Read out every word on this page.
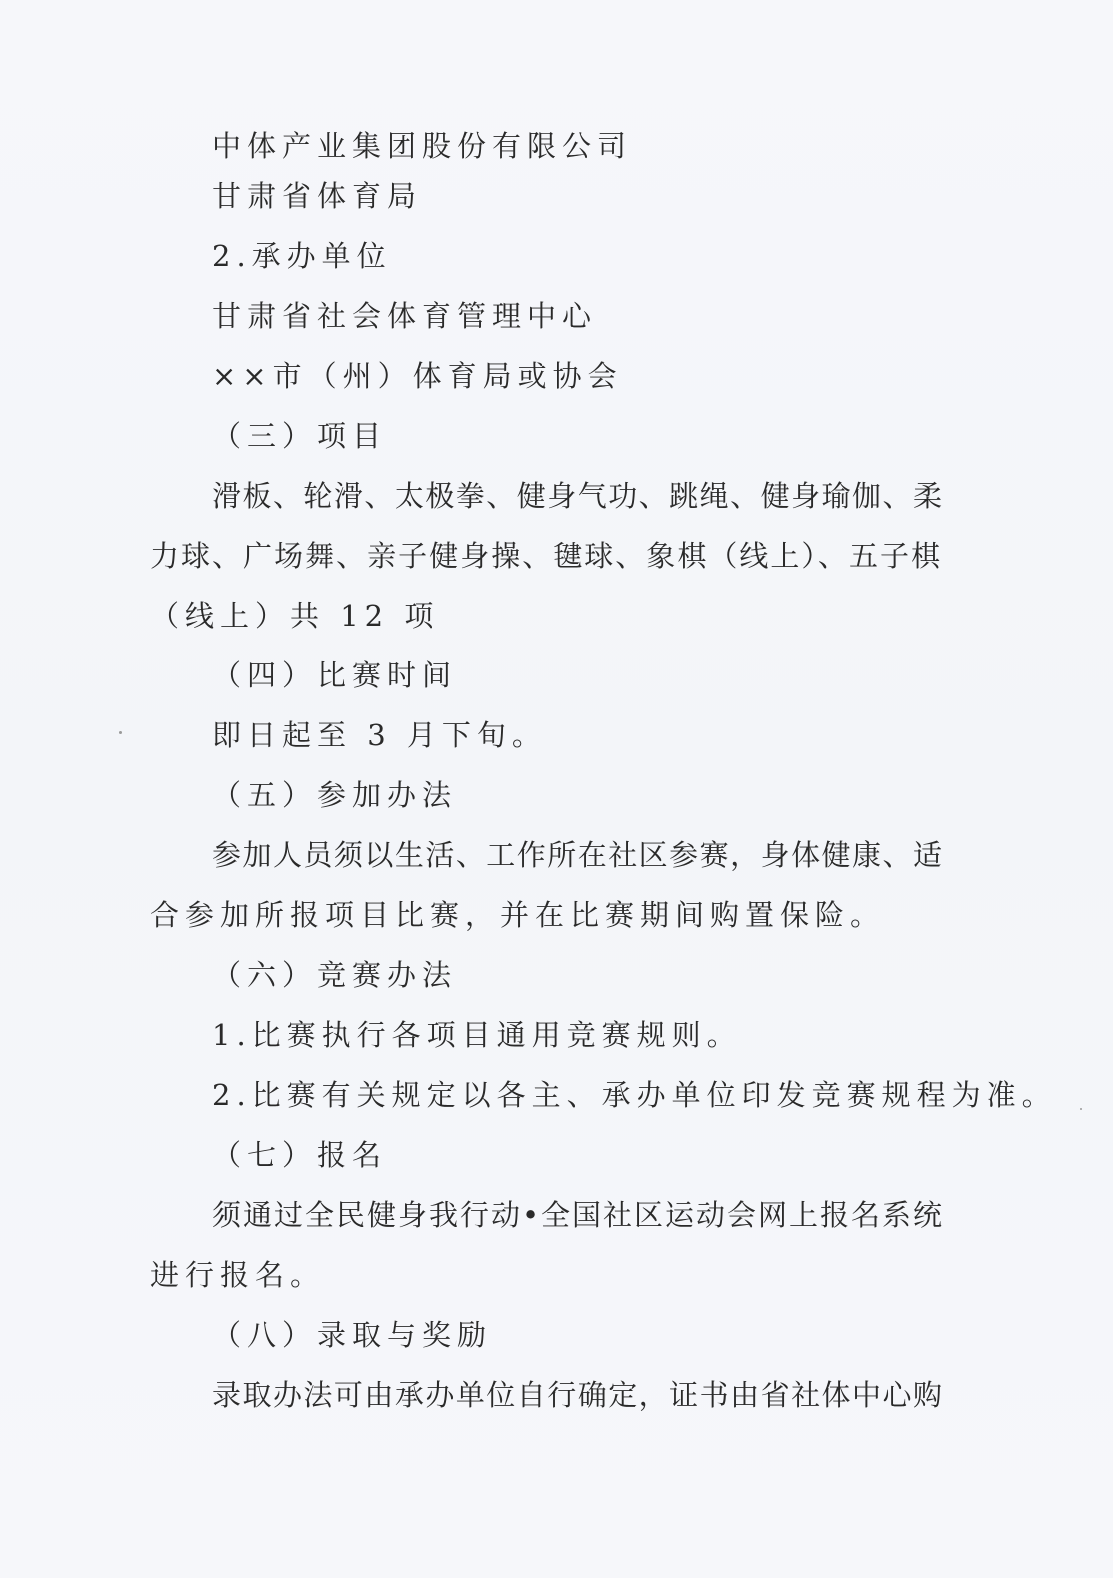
中体产业集团股份有限公司
甘肃省体育局
2.承办单位
甘肃省社会体育管理中心
××市（州）体育局或协会
（三）项目
滑板、轮滑、太极拳、健身气功、跳绳、健身瑜伽、柔
力球、广场舞、亲子健身操、毽球、象棋（线上）、五子棋
（线上）共 12 项
（四）比赛时间
即日起至 3 月下旬。
（五）参加办法
参加人员须以生活、工作所在社区参赛，身体健康、适
合参加所报项目比赛，并在比赛期间购置保险。
（六）竞赛办法
1.比赛执行各项目通用竞赛规则。
2.比赛有关规定以各主、承办单位印发竞赛规程为准。
（七）报名
须通过全民健身我行动•全国社区运动会网上报名系统
进行报名。
（八）录取与奖励
录取办法可由承办单位自行确定，证书由省社体中心购
